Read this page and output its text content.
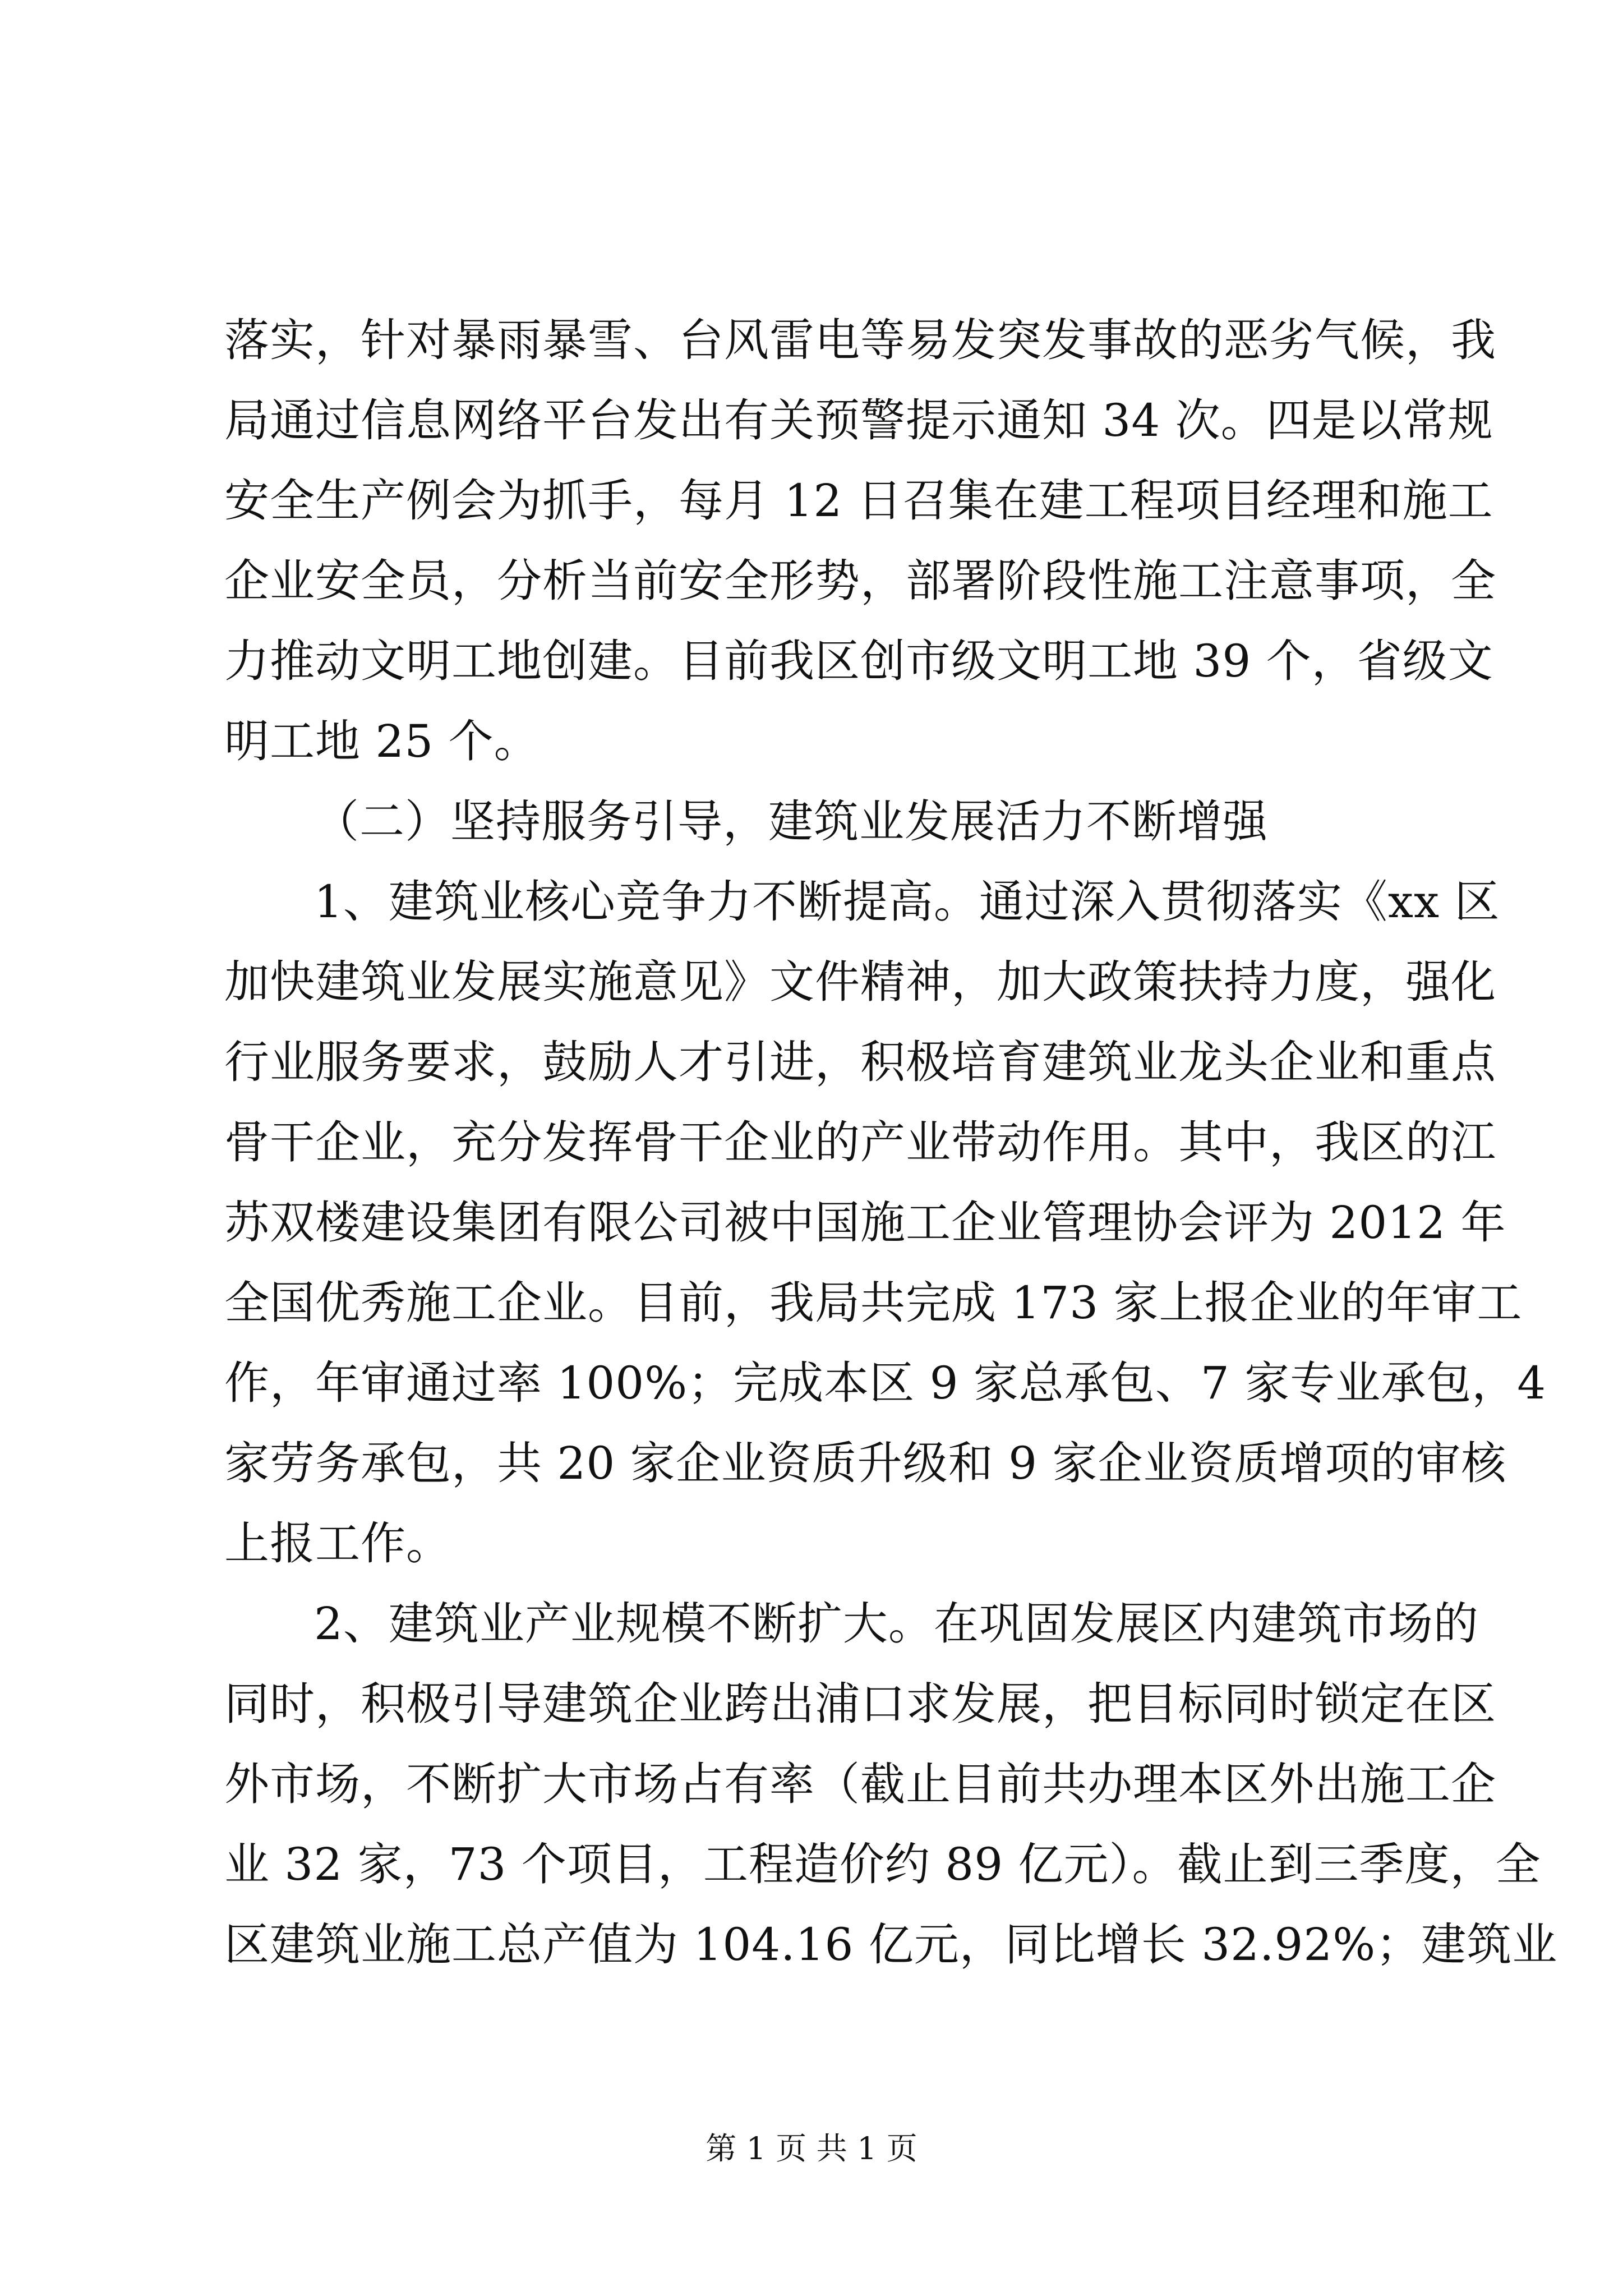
落实，针对暴雨暴雪、台风雷电等易发突发事故的恶劣气候，我
局通过信息网络平台发出有关预警提示通知 34 次。四是以常规
安全生产例会为抓手，每月 12 日召集在建工程项目经理和施工
企业安全员，分析当前安全形势，部署阶段性施工注意事项，全
力推动文明工地创建。目前我区创市级文明工地 39 个，省级文
明工地 25 个。
（二）坚持服务引导，建筑业发展活力不断增强
1、建筑业核心竞争力不断提高。通过深入贯彻落实《xx 区
加快建筑业发展实施意见》文件精神，加大政策扶持力度，强化
行业服务要求，鼓励人才引进，积极培育建筑业龙头企业和重点
骨干企业，充分发挥骨干企业的产业带动作用。其中，我区的江
苏双楼建设集团有限公司被中国施工企业管理协会评为 2012 年
全国优秀施工企业。目前，我局共完成 173 家上报企业的年审工
作，年审通过率 100%；完成本区 9 家总承包、7 家专业承包，4
家劳务承包，共 20 家企业资质升级和 9 家企业资质增项的审核
上报工作。
2、建筑业产业规模不断扩大。在巩固发展区内建筑市场的
同时，积极引导建筑企业跨出浦口求发展，把目标同时锁定在区
外市场，不断扩大市场占有率（截止目前共办理本区外出施工企
业 32 家，73 个项目，工程造价约 89 亿元）。截止到三季度，全
区建筑业施工总产值为 104.16 亿元，同比增长 32.92%；建筑业
第 1 页 共 1 页
